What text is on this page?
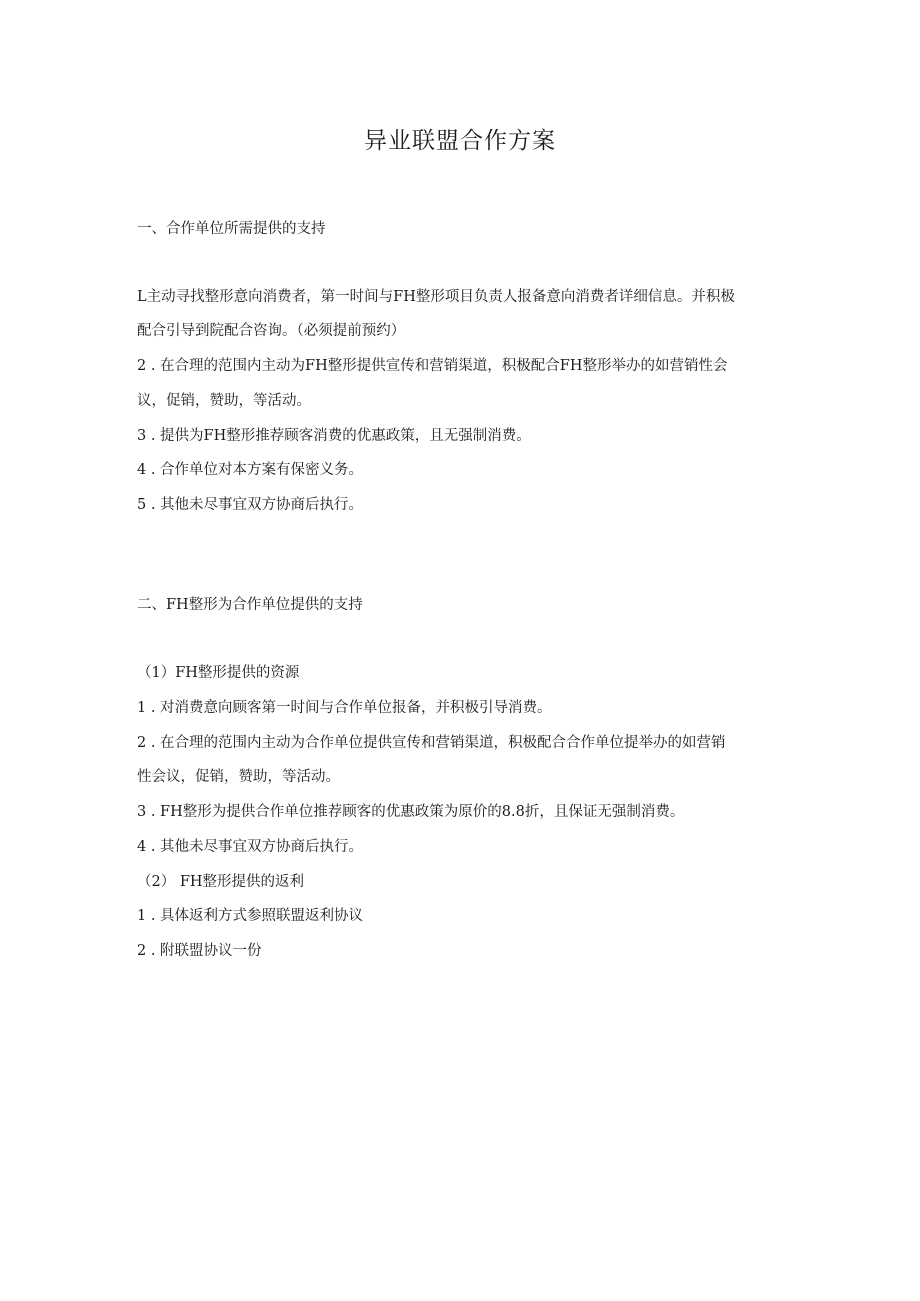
异业联盟合作方案

一、合作单位所需提供的支持

L主动寻找整形意向消费者，第一时间与FH整形项目负责人报备意向消费者详细信息。并积极

配合引导到院配合咨询。（必须提前预约）

2 . 在合理的范围内主动为FH整形提供宣传和营销渠道，积极配合FH整形举办的如营销性会

议，促销，赞助，等活动。

3 . 提供为FH整形推荐顾客消费的优惠政策，且无强制消费。

4 . 合作单位对本方案有保密义务。

5 . 其他未尽事宜双方协商后执行。

二、FH整形为合作单位提供的支持

（1）FH整形提供的资源

1 . 对消费意向顾客第一时间与合作单位报备，并积极引导消费。

2 . 在合理的范围内主动为合作单位提供宣传和营销渠道，积极配合合作单位提举办的如营销

性会议，促销，赞助，等活动。

3 . FH整形为提供合作单位推荐顾客的优惠政策为原价的8.8折，且保证无强制消费。

4 . 其他未尽事宜双方协商后执行。

（2） FH整形提供的返利

1 . 具体返利方式参照联盟返利协议

2 . 附联盟协议一份
